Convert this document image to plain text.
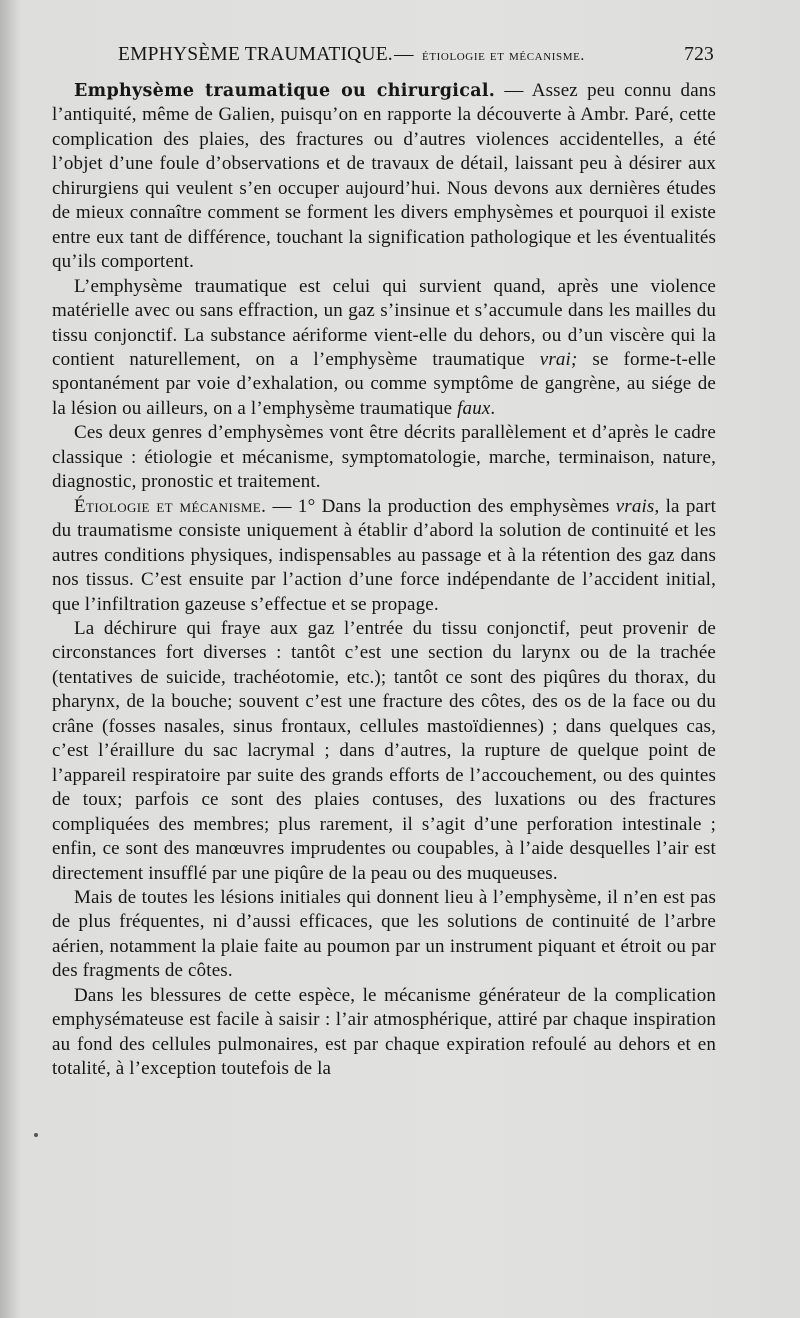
EMPHYSÈME TRAUMATIQUE. — étiologie et mécanisme.	723

Emphysème traumatique ou chirurgical. — Assez peu connu dans l’antiquité, même de Galien, puisqu’on en rapporte la découverte à Ambr. Paré, cette complication des plaies, des fractures ou d’autres violences accidentelles, a été l’objet d’une foule d’observations et de travaux de détail, laissant peu à désirer aux chirurgiens qui veulent s’en occuper aujourd’hui. Nous devons aux dernières études de mieux connaître comment se forment les divers emphysèmes et pourquoi il existe entre eux tant de différence, touchant la signification pathologique et les éventualités qu’ils comportent.

L’emphysème traumatique est celui qui survient quand, après une violence matérielle avec ou sans effraction, un gaz s’insinue et s’accumule dans les mailles du tissu conjonctif. La substance aériforme vient-elle du dehors, ou d’un viscère qui la contient naturellement, on a l’emphysème traumatique vrai; se forme-t-elle spontanément par voie d’exhalation, ou comme symptôme de gangrène, au siége de la lésion ou ailleurs, on a l’emphysème traumatique faux.

Ces deux genres d’emphysèmes vont être décrits parallèlement et d’après le cadre classique : étiologie et mécanisme, symptomatologie, marche, terminaison, nature, diagnostic, pronostic et traitement.

Étiologie et mécanisme. — 1° Dans la production des emphysèmes vrais, la part du traumatisme consiste uniquement à établir d’abord la solution de continuité et les autres conditions physiques, indispensables au passage et à la rétention des gaz dans nos tissus. C’est ensuite par l’action d’une force indépendante de l’accident initial, que l’infiltration gazeuse s’effectue et se propage.

La déchirure qui fraye aux gaz l’entrée du tissu conjonctif, peut provenir de circonstances fort diverses : tantôt c’est une section du larynx ou de la trachée (tentatives de suicide, trachéotomie, etc.); tantôt ce sont des piqûres du thorax, du pharynx, de la bouche; souvent c’est une fracture des côtes, des os de la face ou du crâne (fosses nasales, sinus frontaux, cellules mastoïdiennes) ; dans quelques cas, c’est l’éraillure du sac lacrymal ; dans d’autres, la rupture de quelque point de l’appareil respiratoire par suite des grands efforts de l’accouchement, ou des quintes de toux; parfois ce sont des plaies contuses, des luxations ou des fractures compliquées des membres; plus rarement, il s’agit d’une perforation intestinale ; enfin, ce sont des manœuvres imprudentes ou coupables, à l’aide desquelles l’air est directement insufflé par une piqûre de la peau ou des muqueuses.

Mais de toutes les lésions initiales qui donnent lieu à l’emphysème, il n’en est pas de plus fréquentes, ni d’aussi efficaces, que les solutions de continuité de l’arbre aérien, notamment la plaie faite au poumon par un instrument piquant et étroit ou par des fragments de côtes.

Dans les blessures de cette espèce, le mécanisme générateur de la complication emphysémateuse est facile à saisir : l’air atmosphérique, attiré par chaque inspiration au fond des cellules pulmonaires, est par chaque expiration refoulé au dehors et en totalité, à l’exception toutefois de la
